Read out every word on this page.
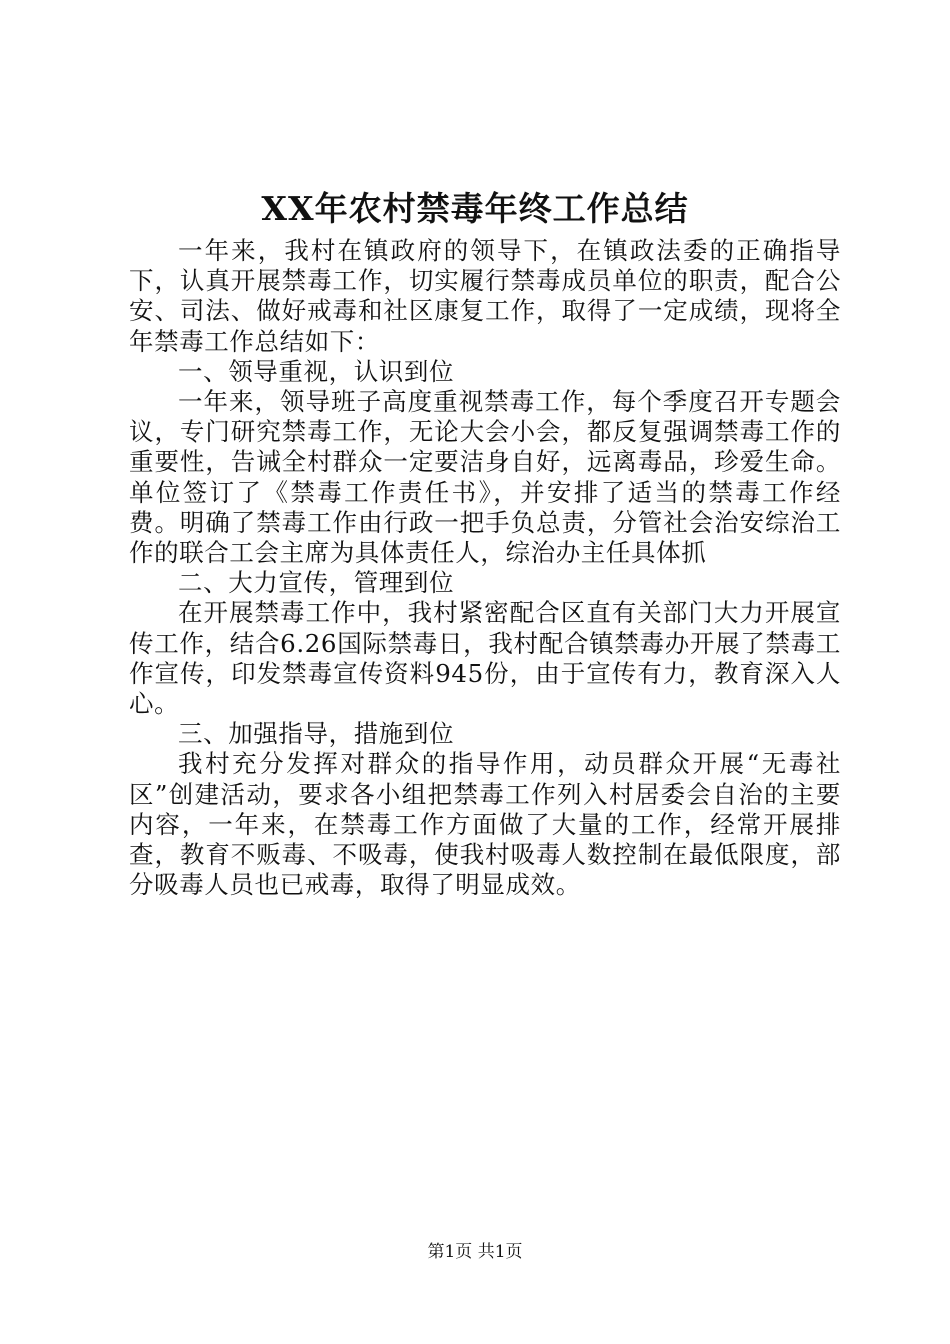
XX年农村禁毒年终工作总结

一年来，我村在镇政府的领导下，在镇政法委的正确指导下，认真开展禁毒工作，切实履行禁毒成员单位的职责，配合公安、司法、做好戒毒和社区康复工作，取得了一定成绩，现将全年禁毒工作总结如下：

一、领导重视，认识到位

一年来，领导班子高度重视禁毒工作，每个季度召开专题会议，专门研究禁毒工作，无论大会小会，都反复强调禁毒工作的重要性，告诫全村群众一定要洁身自好，远离毒品，珍爱生命。单位签订了《禁毒工作责任书》，并安排了适当的禁毒工作经费。明确了禁毒工作由行政一把手负总责，分管社会治安综治工作的联合工会主席为具体责任人，综治办主任具体抓

二、大力宣传，管理到位

在开展禁毒工作中，我村紧密配合区直有关部门大力开展宣传工作，结合6.26国际禁毒日，我村配合镇禁毒办开展了禁毒工作宣传，印发禁毒宣传资料945份，由于宣传有力，教育深入人心。

三、加强指导，措施到位

我村充分发挥对群众的指导作用，动员群众开展“无毒社区”创建活动，要求各小组把禁毒工作列入村居委会自治的主要内容，一年来，在禁毒工作方面做了大量的工作，经常开展排查，教育不贩毒、不吸毒，使我村吸毒人数控制在最低限度，部分吸毒人员也已戒毒，取得了明显成效。

第1页 共1页
